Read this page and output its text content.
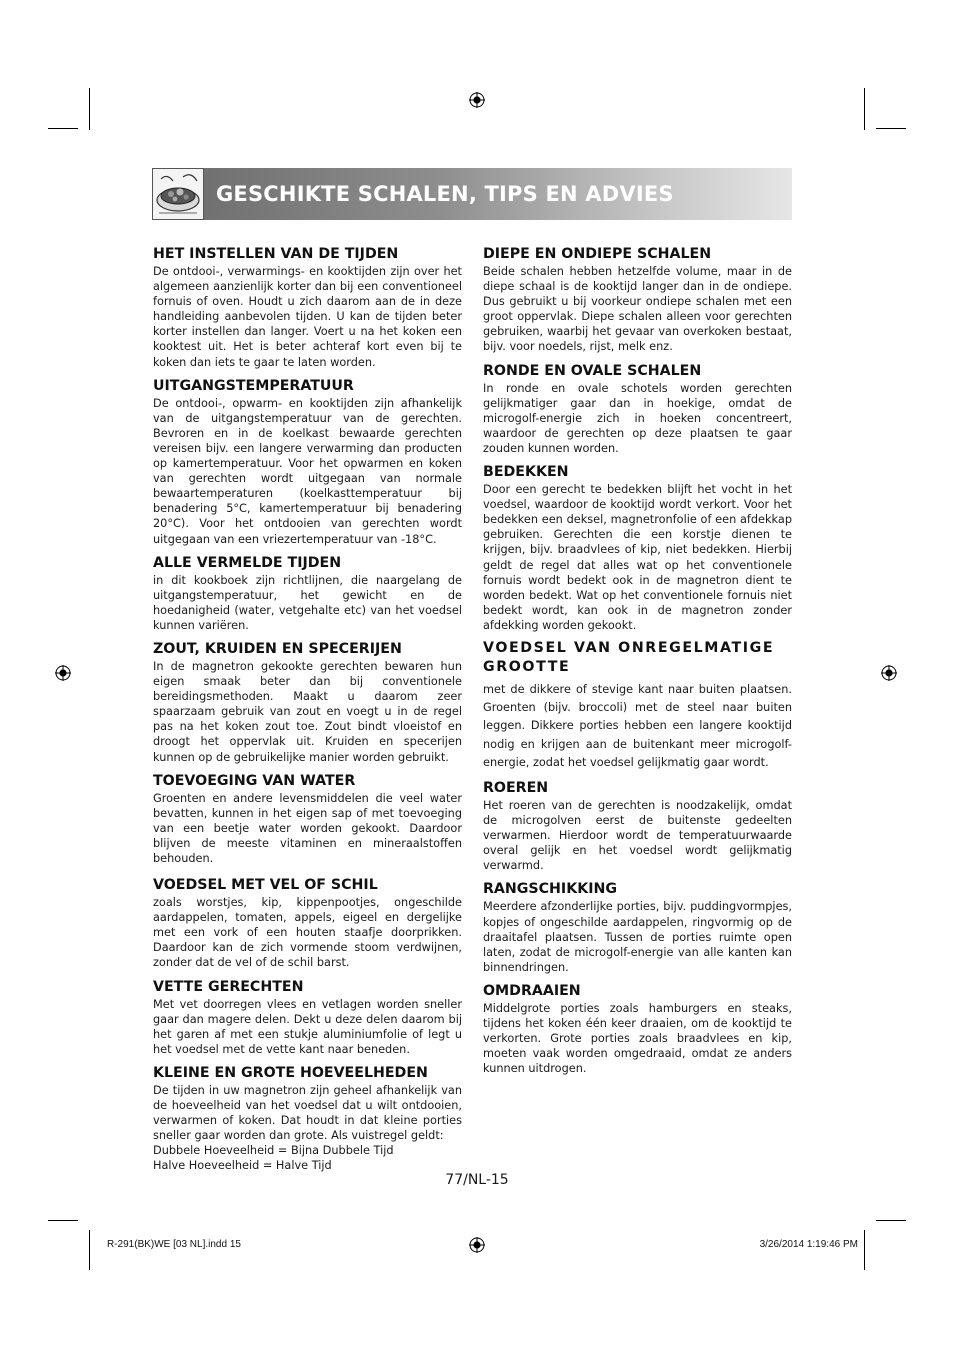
GESCHIKTE SCHALEN, TIPS EN ADVIES
HET INSTELLEN VAN DE TIJDEN

De ontdooi-, verwarmings- en kooktijden zijn over het algemeen aanzienlijk korter dan bij een conventioneel fornuis of oven. Houdt u zich daarom aan de in deze handleiding aanbevolen tijden. U kan de tijden beter korter instellen dan langer. Voert u na het koken een kooktest uit. Het is beter achteraf kort even bij te koken dan iets te gaar te laten worden.

UITGANGSTEMPERATUUR

De ontdooi-, opwarm- en kooktijden zijn afhankelijk van de uitgangstemperatuur van de gerechten. Bevroren en in de koelkast bewaarde gerechten vereisen bijv. een langere verwarming dan producten op kamertemperatuur. Voor het opwarmen en koken van gerechten wordt uitgegaan van normale bewaartemperaturen (koelkasttemperatuur bij benadering 5°C, kamertemperatuur bij benadering 20°C). Voor het ontdooien van gerechten wordt uitgegaan van een vriezertemperatuur van -18°C.

ALLE VERMELDE TIJDEN

in dit kookboek zijn richtlijnen, die naargelang de uitgangstemperatuur, het gewicht en de hoedanigheid (water, vetgehalte etc) van het voedsel kunnen variëren.

ZOUT, KRUIDEN EN SPECERIJEN

In de magnetron gekookte gerechten bewaren hun eigen smaak beter dan bij conventionele bereidingsmethoden. Maakt u daarom zeer spaarzaam gebruik van zout en voegt u in de regel pas na het koken zout toe. Zout bindt vloeistof en droogt het oppervlak uit. Kruiden en specerijen kunnen op de gebruikelijke manier worden gebruikt.

TOEVOEGING VAN WATER

Groenten en andere levensmiddelen die veel water bevatten, kunnen in het eigen sap of met toevoeging van een beetje water worden gekookt. Daardoor blijven de meeste vitaminen en mineraalstoffen behouden.

VOEDSEL MET VEL OF SCHIL

zoals worstjes, kip, kippenpootjes, ongeschilde aardappelen, tomaten, appels, eigeel en dergelijke met een vork of een houten staafje doorprikken. Daardoor kan de zich vormende stoom verdwijnen, zonder dat de vel of de schil barst.

VETTE GERECHTEN

Met vet doorregen vlees en vetlagen worden sneller gaar dan magere delen. Dekt u deze delen daarom bij het garen af met een stukje aluminiumfolie of legt u het voedsel met de vette kant naar beneden.

KLEINE EN GROTE HOEVEELHEDEN

De tijden in uw magnetron zijn geheel afhankelijk van de hoeveelheid van het voedsel dat u wilt ontdooien, verwarmen of koken. Dat houdt in dat kleine porties sneller gaar worden dan grote. Als vuistregel geldt:

Dubbele Hoeveelheid = Bijna Dubbele Tijd

Halve Hoeveelheid = Halve Tijd

DIEPE EN ONDIEPE SCHALEN

Beide schalen hebben hetzelfde volume, maar in de diepe schaal is de kooktijd langer dan in de ondiepe. Dus gebruikt u bij voorkeur ondiepe schalen met een groot oppervlak. Diepe schalen alleen voor gerechten gebruiken, waarbij het gevaar van overkoken bestaat, bijv. voor noedels, rijst, melk enz.

RONDE EN OVALE SCHALEN

In ronde en ovale schotels worden gerechten gelijkmatiger gaar dan in hoekige, omdat de microgolf-energie zich in hoeken concentreert, waardoor de gerechten op deze plaatsen te gaar zouden kunnen worden.

BEDEKKEN

Door een gerecht te bedekken blijft het vocht in het voedsel, waardoor de kooktijd wordt verkort. Voor het bedekken een deksel, magnetronfolie of een afdekkap gebruiken. Gerechten die een korstje dienen te krijgen, bijv. braadvlees of kip, niet bedekken. Hierbij geldt de regel dat alles wat op het conventionele fornuis wordt bedekt ook in de magnetron dient te worden bedekt. Wat op het conventionele fornuis niet bedekt wordt, kan ook in de magnetron zonder afdekking worden gekookt.

VOEDSEL VAN ONREGELMATIGE GROOTTE

met de dikkere of stevige kant naar buiten plaatsen. Groenten (bijv. broccoli) met de steel naar buiten leggen. Dikkere porties hebben een langere kooktijd nodig en krijgen aan de buitenkant meer microgolf-energie, zodat het voedsel gelijkmatig gaar wordt.

ROEREN

Het roeren van de gerechten is noodzakelijk, omdat de microgolven eerst de buitenste gedeelten verwarmen. Hierdoor wordt de temperatuurwaarde overal gelijk en het voedsel wordt gelijkmatig verwarmd.

RANGSCHIKKING

Meerdere afzonderlijke porties, bijv. puddingvormpjes, kopjes of ongeschilde aardappelen, ringvormig op de draaitafel plaatsen. Tussen de porties ruimte open laten, zodat de microgolf-energie van alle kanten kan binnendringen.

OMDRAAIEN

Middelgrote porties zoals hamburgers en steaks, tijdens het koken één keer draaien, om de kooktijd te verkorten. Grote porties zoals braadvlees en kip, moeten vaak worden omgedraaid, omdat ze anders kunnen uitdrogen.

77/NL-15
R-291(BK)WE [03 NL].indd 15	3/26/2014 1:19:46 PM
